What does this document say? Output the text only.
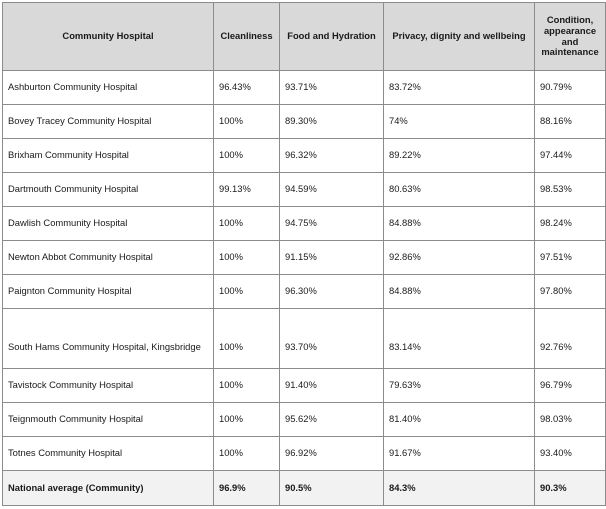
Community Hospital	Cleanliness	Food and Hydration	Privacy, dignity and wellbeing	Condition, appearance and maintenance
Ashburton Community Hospital	96.43%	93.71%	83.72%	90.79%
Bovey Tracey Community Hospital	100%	89.30%	74%	88.16%
Brixham Community Hospital	100%	96.32%	89.22%	97.44%
Dartmouth Community Hospital	99.13%	94.59%	80.63%	98.53%
Dawlish Community Hospital	100%	94.75%	84.88%	98.24%
Newton Abbot Community Hospital	100%	91.15%	92.86%	97.51%
Paignton Community Hospital	100%	96.30%	84.88%	97.80%
South Hams Community Hospital, Kingsbridge	100%	93.70%	83.14%	92.76%
Tavistock Community Hospital	100%	91.40%	79.63%	96.79%
Teignmouth Community Hospital	100%	95.62%	81.40%	98.03%
Totnes Community Hospital	100%	96.92%	91.67%	93.40%
National average (Community)	96.9%	90.5%	84.3%	90.3%
